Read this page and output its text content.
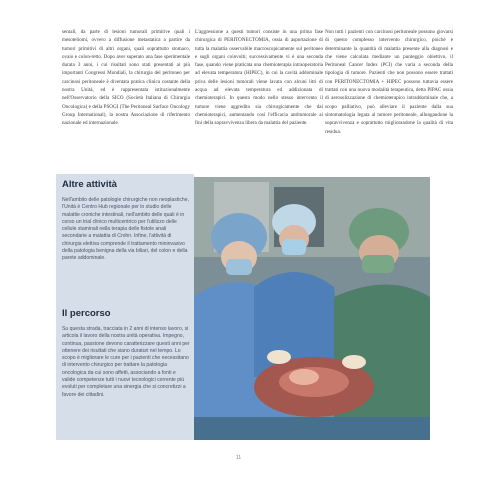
sentali, da parte di lesioni tumorali primitive quali i mesoteliomi, ovvero a diffusione metastatica a partire da tumori primitivi di altri organi, quali soprattutto stomaco, ovaio e colon-retto. Dopo aver superato una fase sperimentale durata 3 anni, i cui risultati sono stati presentati ai più importanti Congressi Mondiali, la chirurgia del peritoneo per carcinosi peritoneale è diventata pratica clinica costante della nostra Unità, ed è rappresentata istituzionalmente nell'Osservatorio della SICO (Società Italiana di Chirurgia Oncologica) e della PSOGI (The Peritoneal Surface Oncology Group International), la nostra Associazione di riferimento nazionale ed internazionale.

L'aggressione a questi tumori consiste in una prima fase chirurgica di PERITONECTOMIA, ossia di asportazione di tutta la malattia osservabile macroscopicamente sul peritoneo e sugli organi coinvolti; successivamente vi è una seconda fase, quando viene praticata una chemioterapia intraoperatoria ad elevata temperatura (HIPEC), in cui la cavità addominale priva delle lesioni tumorali viene lavata con alcuni litri di acqua ad elevata temperatura ed addizionata di chemioterapici. In questo modo nello stesso intervento il tumore viene aggredito sia chirurgicamente che dai chemioterapici, aumentando così l'efficacia antitumorale ai fini della sopravvivenza libera da malattia del paziente.

Non tutti i pazienti con carcinosi peritoneale possono giovarsi di questo complesso intervento chirurgico, poiché è determinante la quantità di malattia presente alla diagnosi e che viene calcolata mediante un punteggio obiettivo, il Peritoneal Cancer Index (PCI) che varia a seconda della tipologia di tumore. Pazienti che non possono essere trattati con PERITONECTOMIA + HIPEC possono tuttavia essere trattati con una nuova modalità terapeutica, detta PIPAC ossia di aerosolizzazione di chemioterapico intraddominale che, a scopo palliativo, può alleviare il paziente dalla sua sintomatologia legata al tumore peritoneale, allungandone la sopravvivenza e soprattutto migliorandone la qualità di vita residua.

Altre attività

Nell'ambito delle patologie chirurgiche non neoplastiche, l'Unità è Centro Hub regionale per lo studio delle malattie croniche intestinali, nell'ambito delle quali è in corso un trial clinico multicentrico per l'utilizzo delle cellule staminali nella terapia delle fistole anali secondarie a malattia di Crohn. Infine, l'attività di chirurgia elettiva comprende il trattamento mininvasivo della patologia benigna della via biliari, del colon e della parete addominale.

Il percorso

Su questa strada, tracciata in 2 anni di intenso lavoro, si articola il lavoro della nostra unità operativa. Impegno, continua, passione devono caratterizzare questi anni per ottenere dei risultati che siano duraturi nel tempo. Lo scopo è migliorare le cure per i pazienti che necessitano di intervento chirurgico per trattare la patologia oncologica da cui sono affetti, associando a fonti e valide competenze tutti i nuovi tecnologici corrente più evoluti per completare una sinergia che si concretizzi a favore dei cittadini.

11
